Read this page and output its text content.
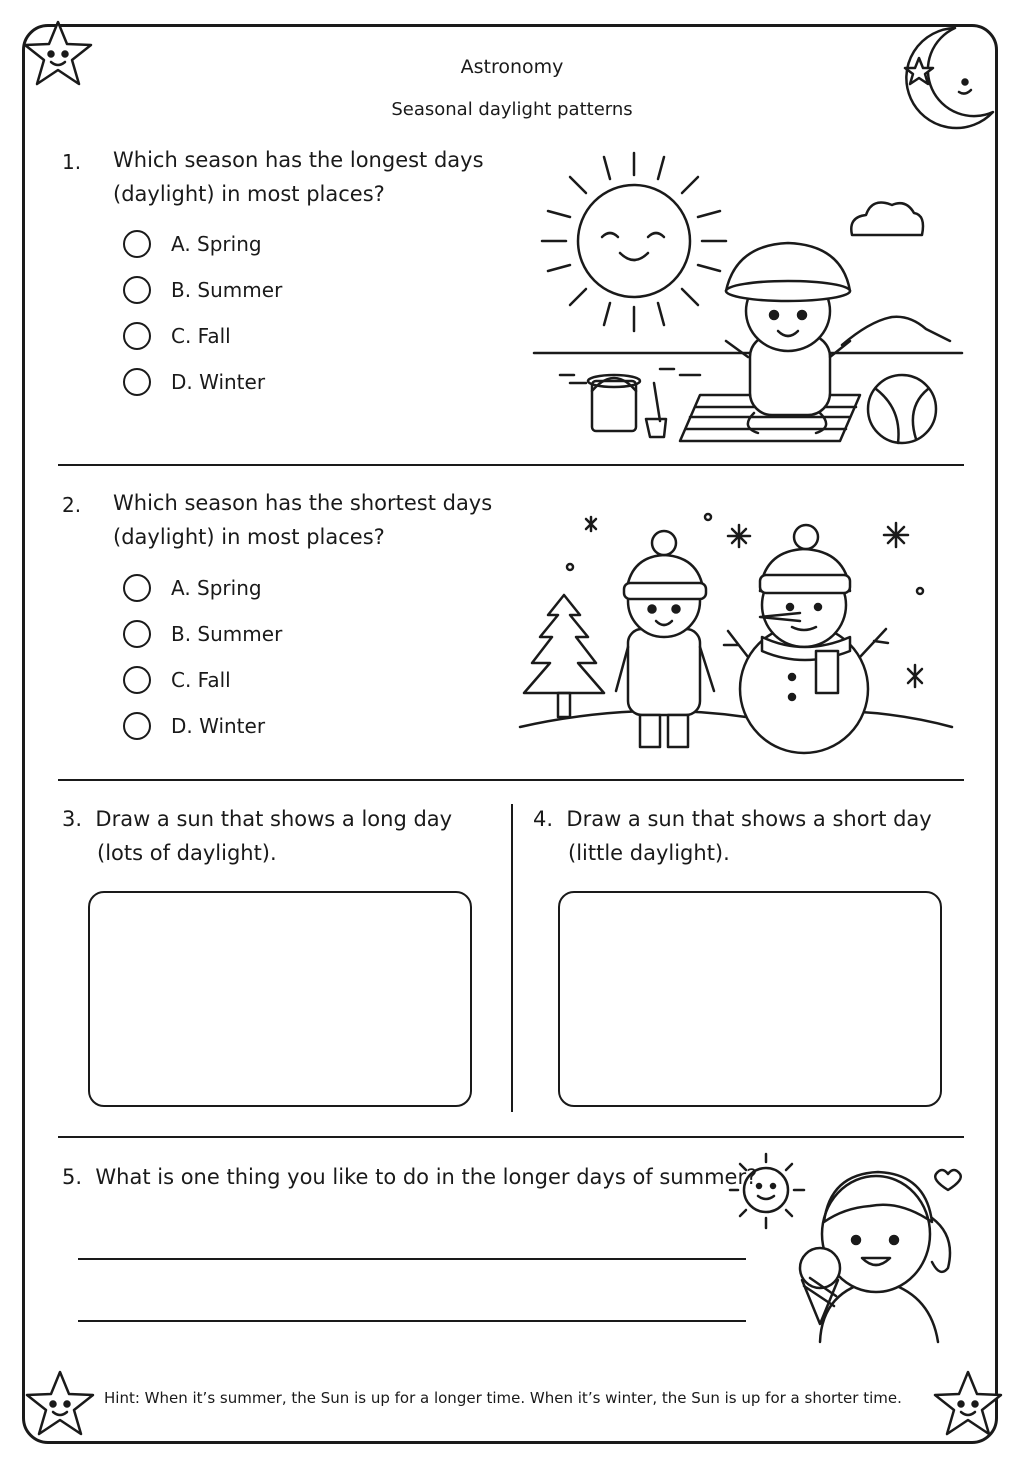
Astronomy
Seasonal daylight patterns
1. Which season has the longest days
(daylight) in most places?
A. Spring
B. Summer
C. Fall
D. Winter
2. Which season has the shortest days
(daylight) in most places?
A. Spring
B. Summer
C. Fall
D. Winter
3. Draw a sun that shows a long day
(lots of daylight).
4. Draw a sun that shows a short day
(little daylight).
5. What is one thing you like to do in the longer days of summer?
Hint: When it’s summer, the Sun is up for a longer time. When it’s winter, the Sun is up for a shorter time.
